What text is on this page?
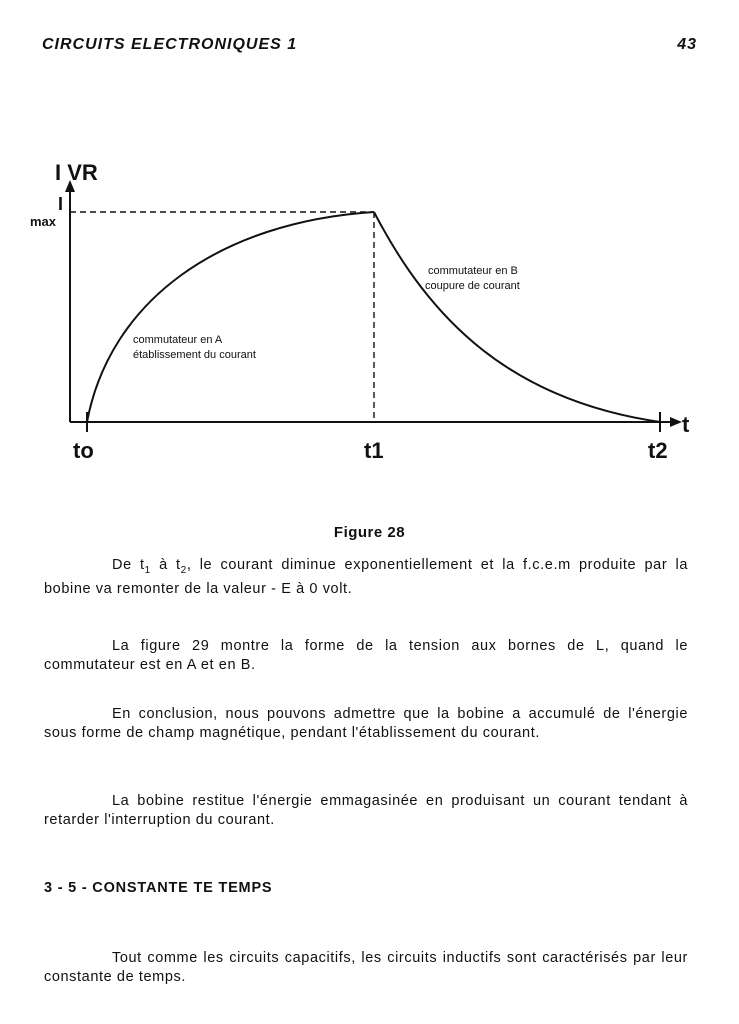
CIRCUITS ELECTRONIQUES 1	43
I VR
I
max
t
to	t1	t2
commutateur en A
établissement du courant
commutateur en B
coupure de courant
Figure 28

De $t_1$ à $t_2$, le courant diminue exponentiellement et la f.c.e.m produite par la bobine va remonter de la valeur - E à 0 volt.

La figure 29 montre la forme de la tension aux bornes de L, quand le commutateur est en A et en B.

En conclusion, nous pouvons admettre que la bobine a accumulé de l'énergie sous forme de champ magnétique, pendant l'établissement du courant.

La bobine restitue l'énergie emmagasinée en produisant un courant tendant à retarder l'interruption du courant.

3 - 5 - CONSTANTE TE TEMPS

Tout comme les circuits capacitifs, les circuits inductifs sont caractérisés par leur constante de temps.
